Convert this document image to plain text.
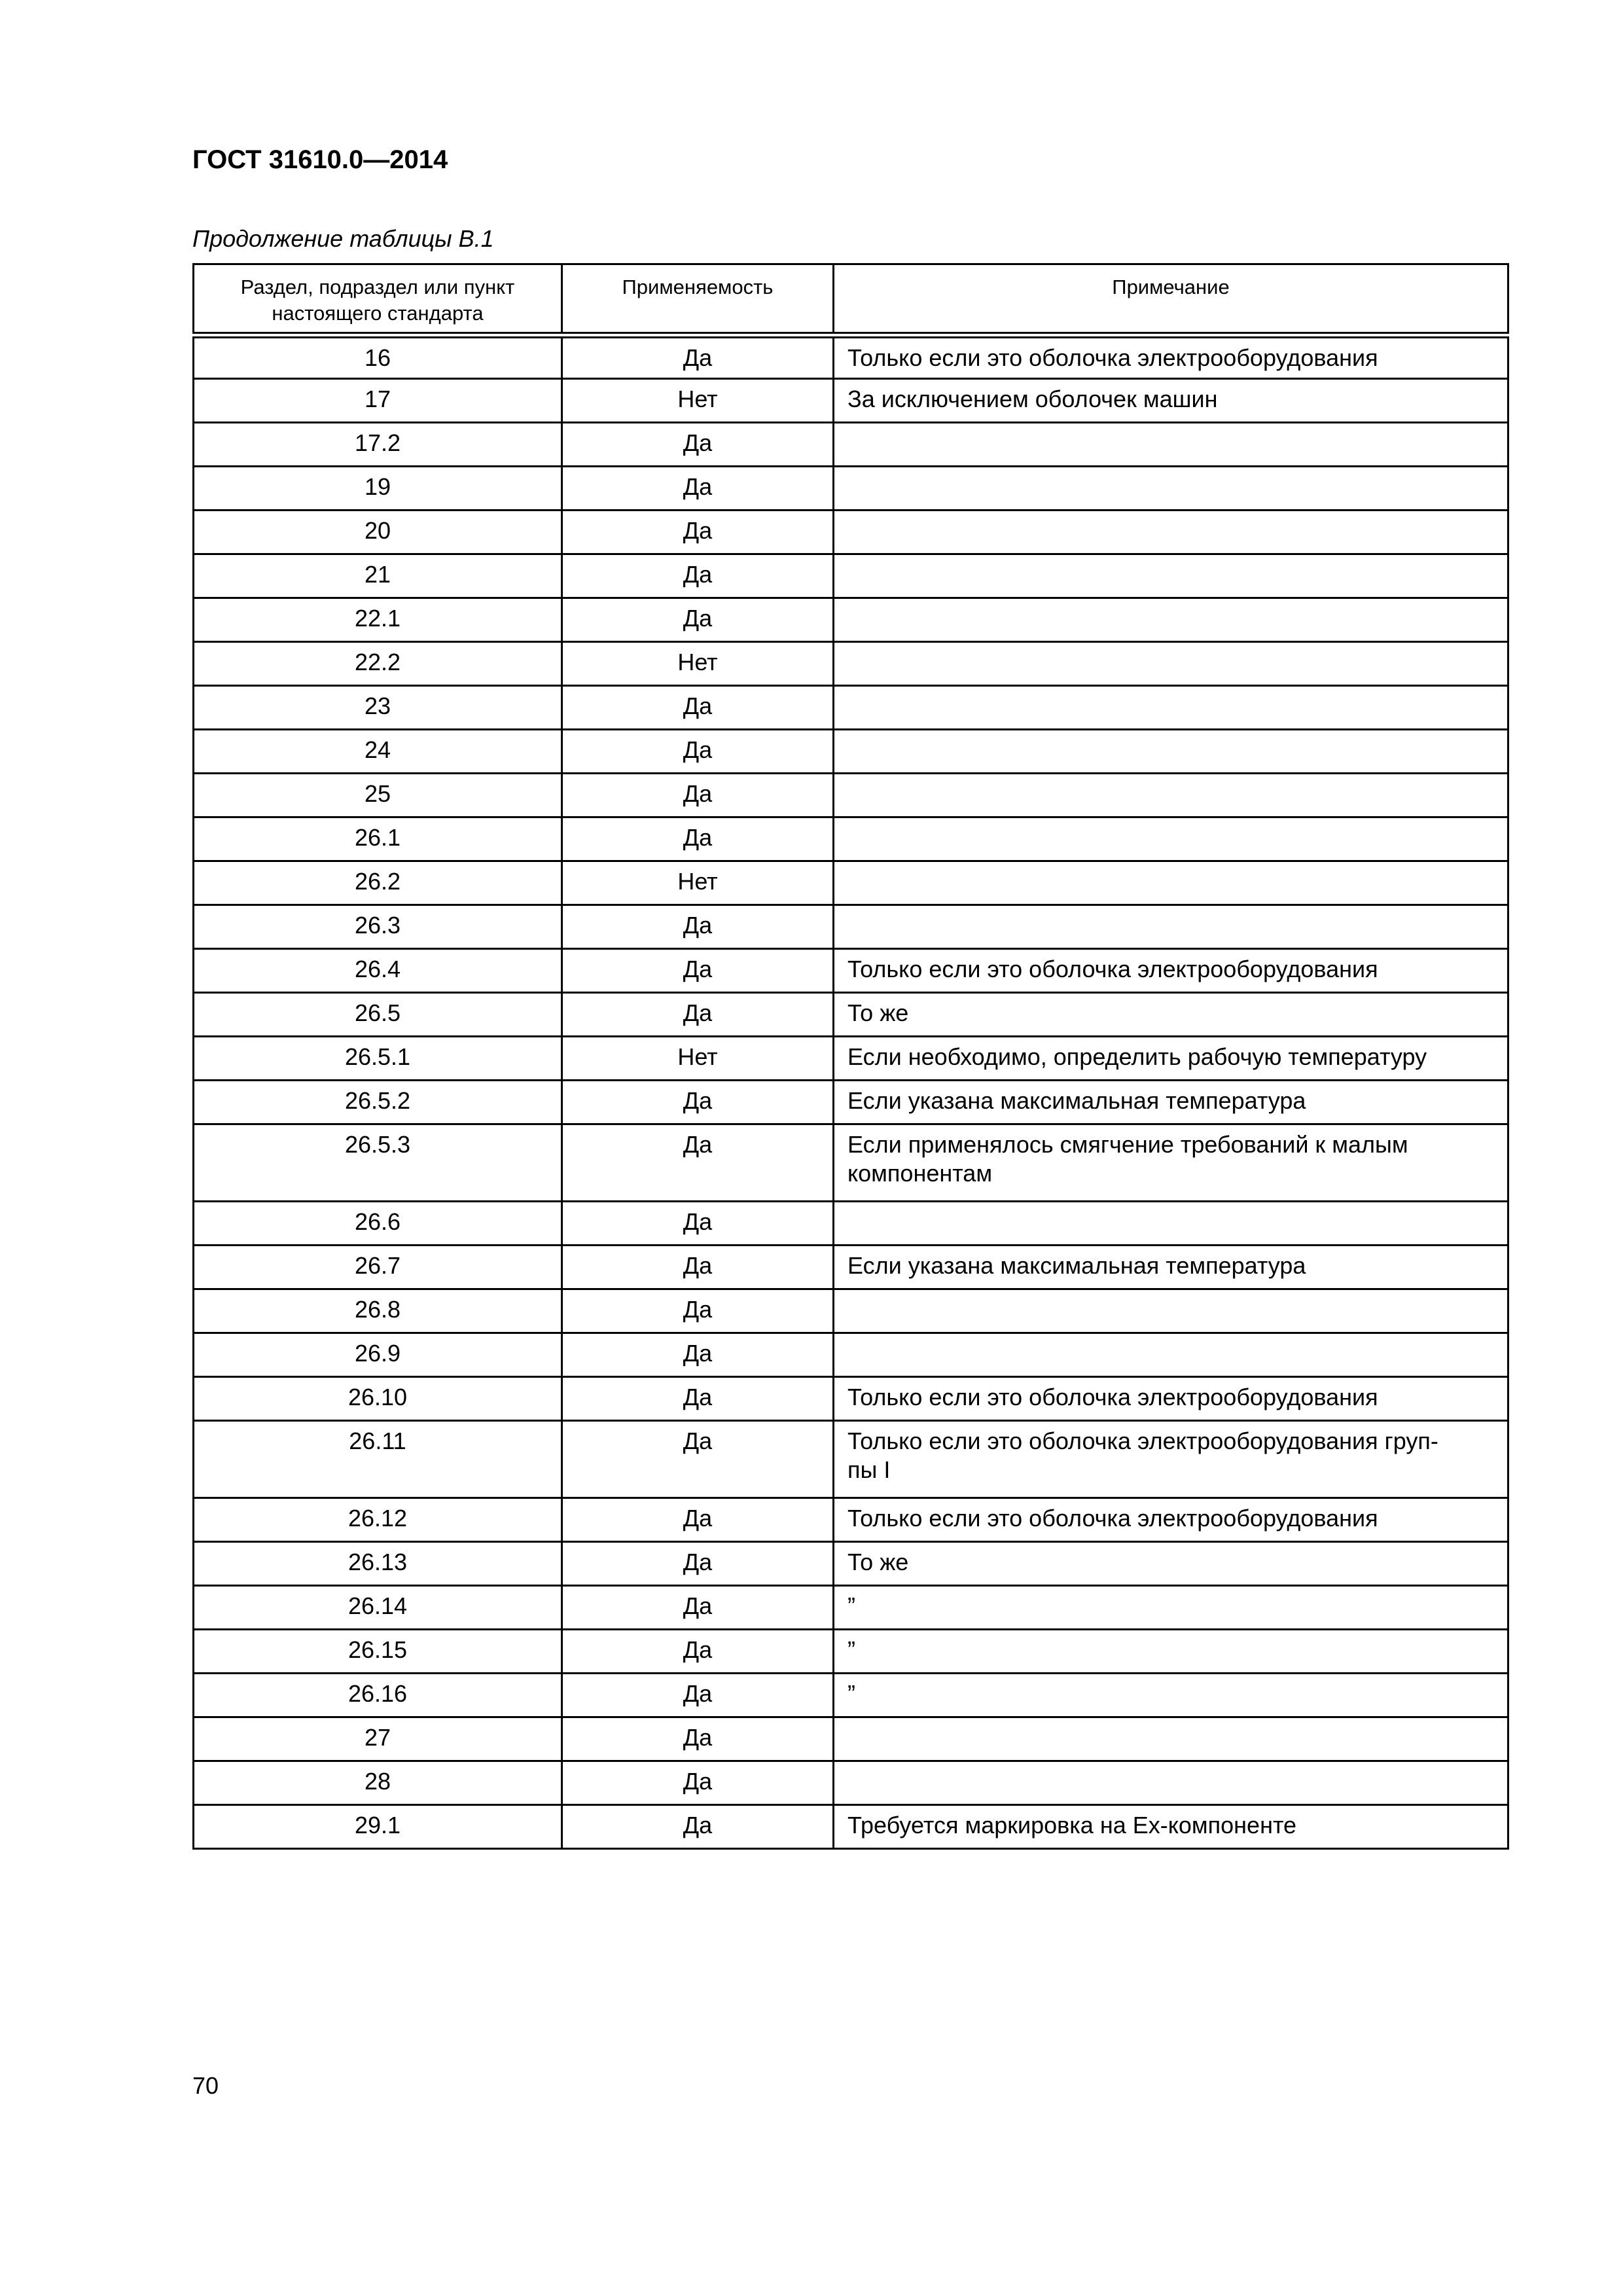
ГОСТ 31610.0—2014
Продолжение таблицы В.1
Раздел, подраздел или пункт настоящего стандарта	Применяемость	Примечание
16	Да	Только если это оболочка электрооборудования
17	Нет	За исключением оболочек машин
17.2	Да	
19	Да	
20	Да	
21	Да	
22.1	Да	
22.2	Нет	
23	Да	
24	Да	
25	Да	
26.1	Да	
26.2	Нет	
26.3	Да	
26.4	Да	Только если это оболочка электрооборудования
26.5	Да	То же
26.5.1	Нет	Если необходимо, определить рабочую температуру
26.5.2	Да	Если указана максимальная температура
26.5.3	Да	Если применялось смягчение требований к малым компонентам
26.6	Да	
26.7	Да	Если указана максимальная температура
26.8	Да	
26.9	Да	
26.10	Да	Только если это оболочка электрооборудования
26.11	Да	Только если это оболочка электрооборудования груп-
пы I
26.12	Да	Только если это оболочка электрооборудования
26.13	Да	То же
26.14	Да	”
26.15	Да	”
26.16	Да	”
27	Да	
28	Да	
29.1	Да	Требуется маркировка на Ex-компоненте
70
